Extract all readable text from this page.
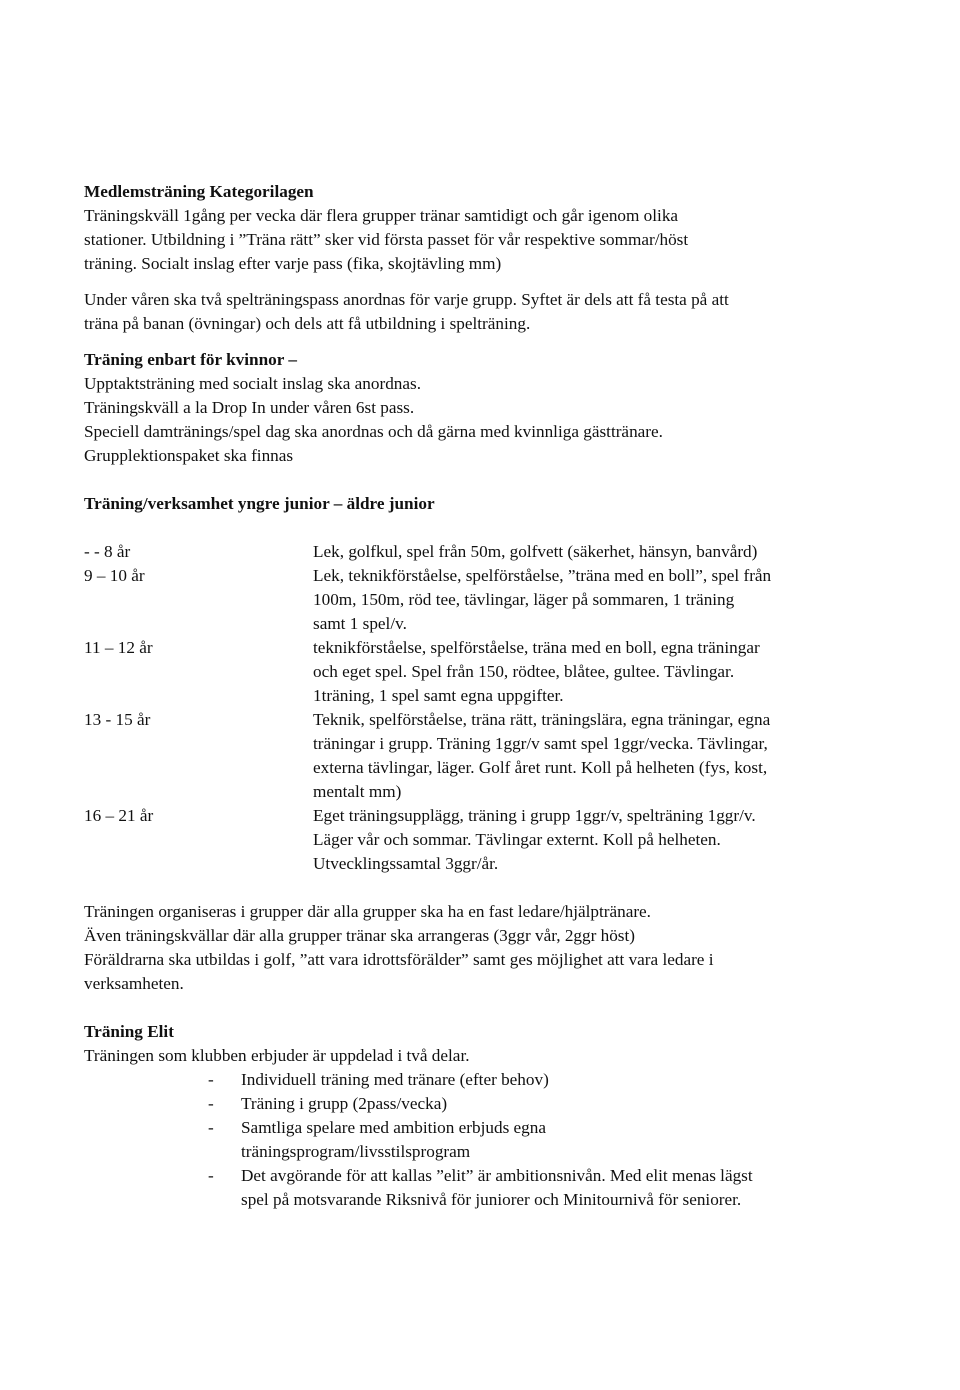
Medlemsträning Kategorilagen
Träningskväll 1gång per vecka där flera grupper tränar samtidigt och går igenom olika
stationer. Utbildning i ”Träna rätt” sker vid första passet för vår respektive sommar/höst
träning. Socialt inslag efter varje pass (fika, skojtävling mm)
Under våren ska två spelträningspass anordnas för varje grupp. Syftet är dels att få testa på att
träna på banan (övningar) och dels att få utbildning i spelträning.
Träning enbart för kvinnor –
Upptaktsträning med socialt inslag ska anordnas.
Träningskväll a la Drop In under våren 6st pass.
Speciell damtränings/spel dag ska anordnas och då gärna med kvinnliga gästtränare.
Grupplektionspaket ska finnas
Träning/verksamhet yngre junior – äldre junior
- - 8 år	Lek, golfkul, spel från 50m, golfvett (säkerhet, hänsyn, banvård)
9 – 10 år	Lek, teknikförståelse, spelförståelse, ”träna med en boll”, spel från
100m, 150m, röd tee, tävlingar, läger på sommaren, 1 träning
samt 1 spel/v.
11 – 12 år	teknikförståelse, spelförståelse, träna med en boll, egna träningar
och eget spel. Spel från 150, rödtee, blåtee, gultee. Tävlingar.
1träning, 1 spel samt egna uppgifter.
13 - 15 år	Teknik, spelförståelse, träna rätt, träningslära, egna träningar, egna
träningar i grupp. Träning 1ggr/v samt spel 1ggr/vecka. Tävlingar,
externa tävlingar, läger. Golf året runt. Koll på helheten (fys, kost,
mentalt mm)
16 – 21 år	Eget träningsupplägg, träning i grupp 1ggr/v, spelträning 1ggr/v.
Läger vår och sommar. Tävlingar externt. Koll på helheten.
Utvecklingssamtal 3ggr/år.
Träningen organiseras i grupper där alla grupper ska ha en fast ledare/hjälptränare.
Även träningskvällar där alla grupper tränar ska arrangeras (3ggr vår, 2ggr höst)
Föräldrarna ska utbildas i golf, ”att vara idrottsförälder” samt ges möjlighet att vara ledare i
verksamheten.
Träning Elit
Träningen som klubben erbjuder är uppdelad i två delar.
-	Individuell träning med tränare (efter behov)
-	Träning i grupp (2pass/vecka)
-	Samtliga spelare med ambition erbjuds egna
träningsprogram/livsstilsprogram
-	Det avgörande för att kallas ”elit” är ambitionsnivån. Med elit menas lägst
spel på motsvarande Riksnivå för juniorer och Minitournivå för seniorer.
